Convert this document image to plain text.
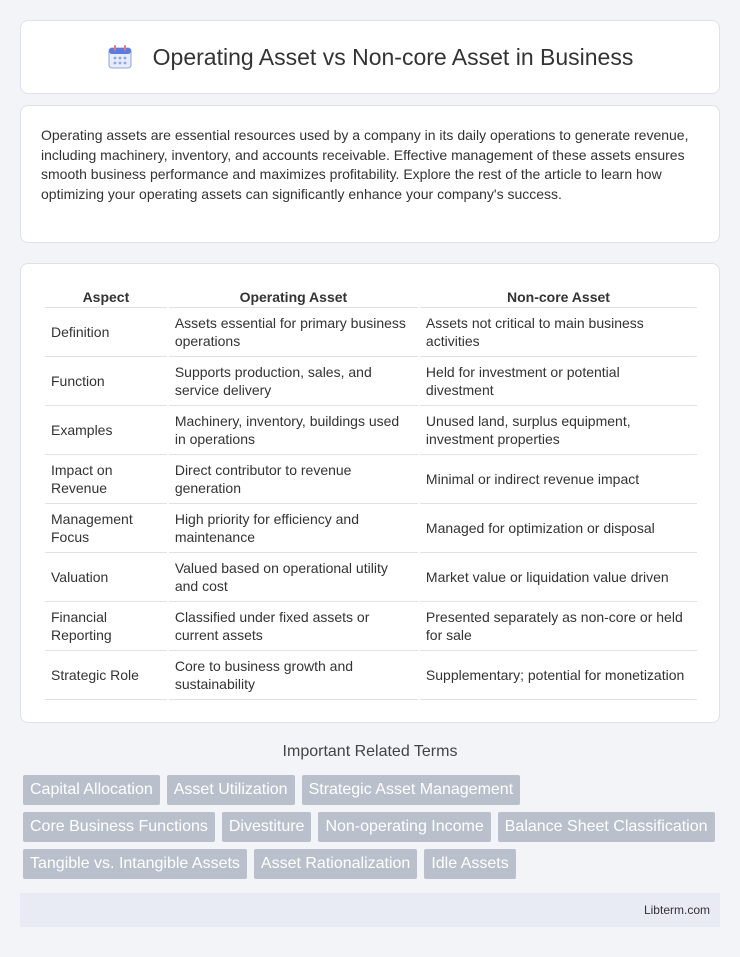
Operating Asset vs Non-core Asset in Business

Operating assets are essential resources used by a company in its daily operations to generate revenue, including machinery, inventory, and accounts receivable. Effective management of these assets ensures smooth business performance and maximizes profitability. Explore the rest of the article to learn how optimizing your operating assets can significantly enhance your company's success.

Aspect	Operating Asset	Non-core Asset
Definition	Assets essential for primary business operations	Assets not critical to main business activities
Function	Supports production, sales, and service delivery	Held for investment or potential divestment
Examples	Machinery, inventory, buildings used in operations	Unused land, surplus equipment, investment properties
Impact on Revenue	Direct contributor to revenue generation	Minimal or indirect revenue impact
Management Focus	High priority for efficiency and maintenance	Managed for optimization or disposal
Valuation	Valued based on operational utility and cost	Market value or liquidation value driven
Financial Reporting	Classified under fixed assets or current assets	Presented separately as non-core or held for sale
Strategic Role	Core to business growth and sustainability	Supplementary; potential for monetization
Important Related Terms
Capital Allocation	Asset Utilization	Strategic Asset Management
Core Business Functions	Divestiture	Non-operating Income	Balance Sheet Classification
Tangible vs. Intangible Assets	Asset Rationalization	Idle Assets
Libterm.com
